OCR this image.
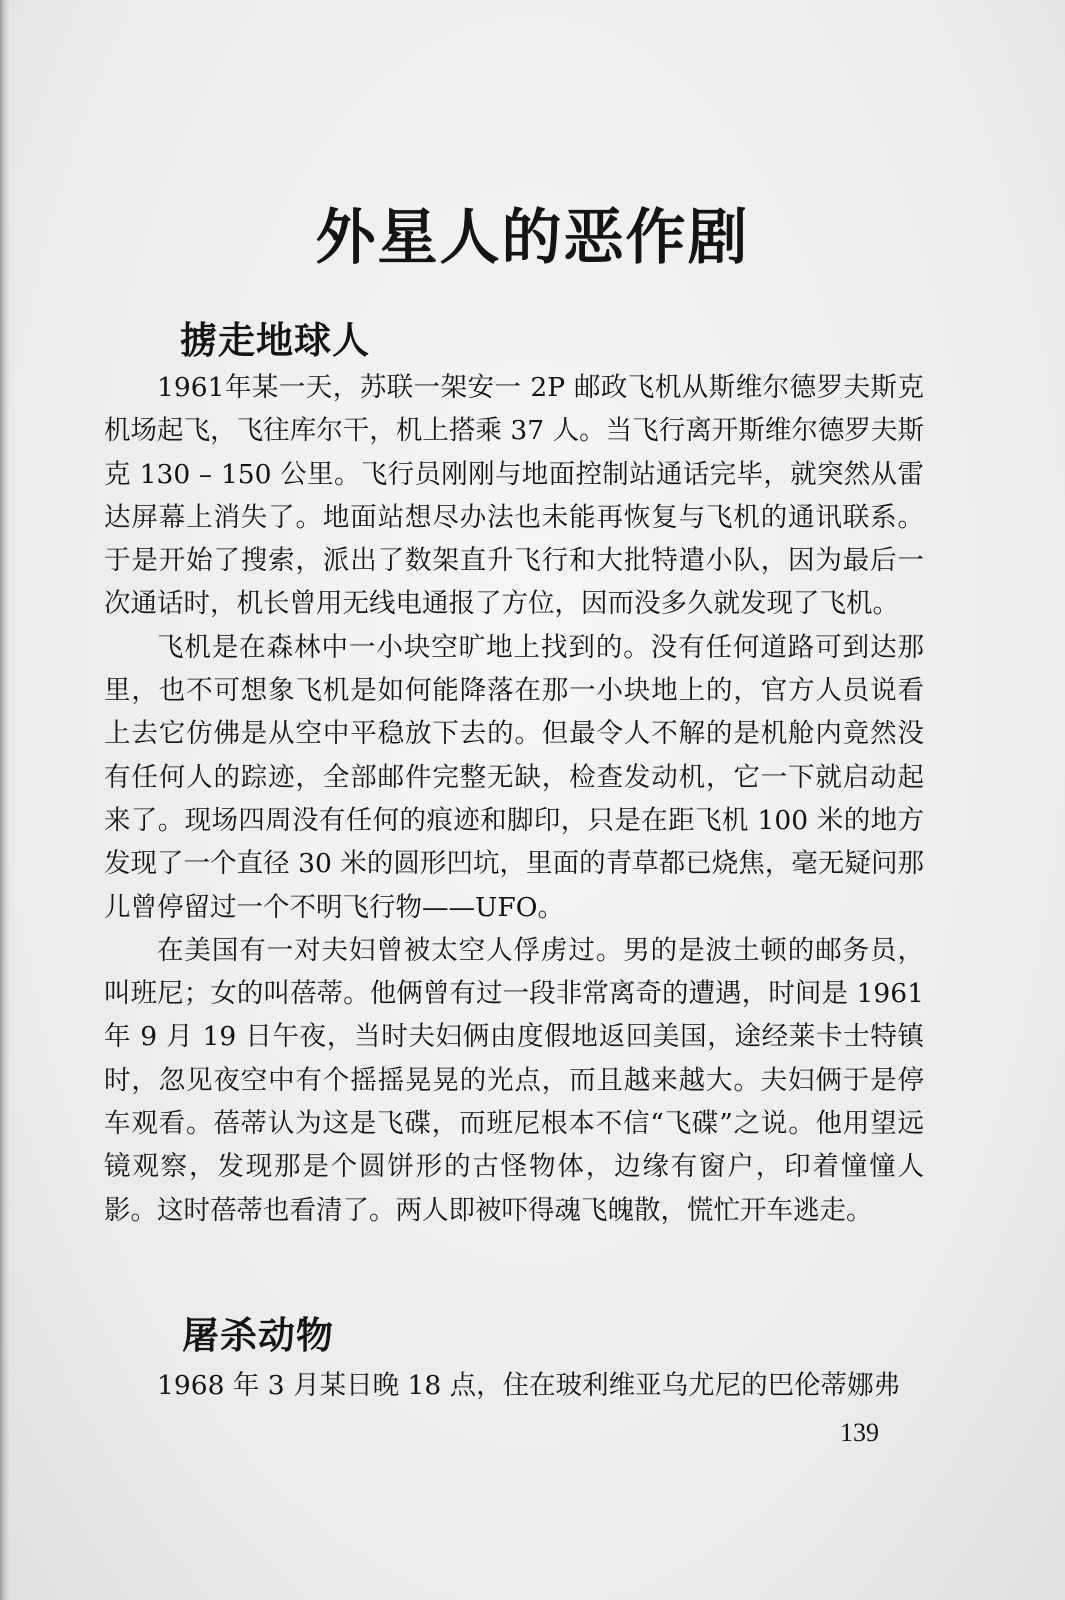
外星人的恶作剧
掳走地球人

1961年某一天，苏联一架安一 2P 邮政飞机从斯维尔德罗夫斯克机场起飞，飞往库尔干，机上搭乘 37 人。当飞行离开斯维尔德罗夫斯克 130 – 150 公里。飞行员刚刚与地面控制站通话完毕，就突然从雷达屏幕上消失了。地面站想尽办法也未能再恢复与飞机的通讯联系。于是开始了搜索，派出了数架直升飞行和大批特遣小队，因为最后一次通话时，机长曾用无线电通报了方位，因而没多久就发现了飞机。

飞机是在森林中一小块空旷地上找到的。没有任何道路可到达那里，也不可想象飞机是如何能降落在那一小块地上的，官方人员说看上去它仿佛是从空中平稳放下去的。但最令人不解的是机舱内竟然没有任何人的踪迹，全部邮件完整无缺，检查发动机，它一下就启动起来了。现场四周没有任何的痕迹和脚印，只是在距飞机 100 米的地方发现了一个直径 30 米的圆形凹坑，里面的青草都已烧焦，毫无疑问那儿曾停留过一个不明飞行物——UFO。

在美国有一对夫妇曾被太空人俘虏过。男的是波土顿的邮务员，叫班尼；女的叫蓓蒂。他俩曾有过一段非常离奇的遭遇，时间是 1961 年 9 月 19 日午夜，当时夫妇俩由度假地返回美国，途经莱卡士特镇时，忽见夜空中有个摇摇晃晃的光点，而且越来越大。夫妇俩于是停车观看。蓓蒂认为这是飞碟，而班尼根本不信“飞碟”之说。他用望远镜观察，发现那是个圆饼形的古怪物体，边缘有窗户，印着憧憧人影。这时蓓蒂也看清了。两人即被吓得魂飞魄散，慌忙开车逃走。

屠杀动物

1968 年 3 月某日晚 18 点，住在玻利维亚乌尤尼的巴伦蒂娜弗

139
